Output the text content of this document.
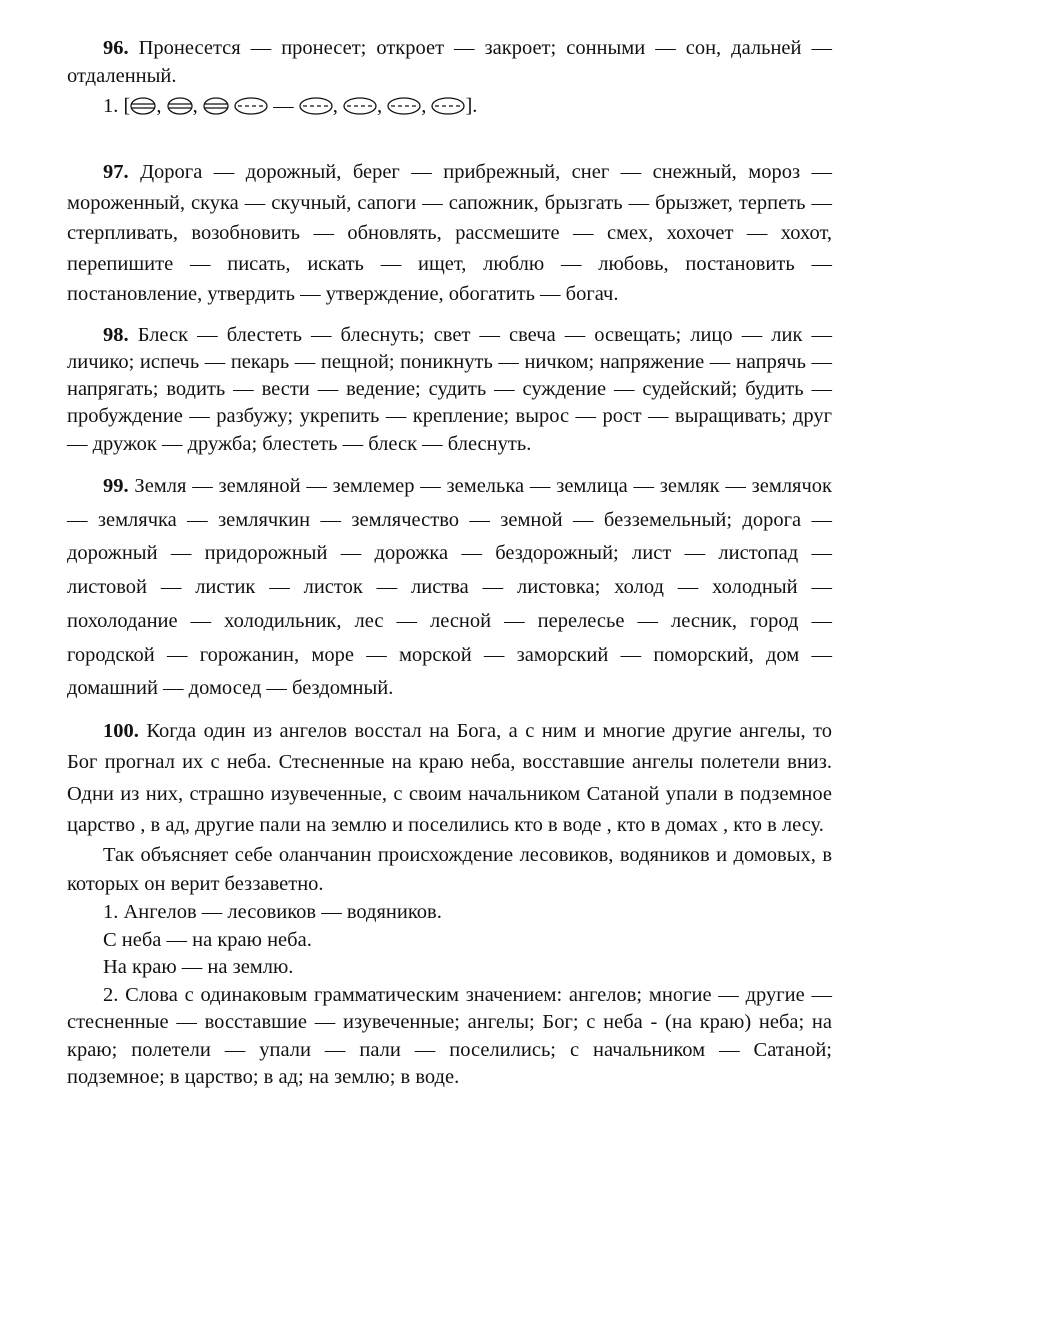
96. Пронесется — пронесет; откроет — закроет; сонными — сон, дальней — отдаленный.

1. [ , ,
	— , , , ].

97. Дорога — дорожный, берег — прибрежный, снег — снежный, мороз — мороженный, скука — скучный, сапоги — сапожник, брызгать — брызжет, терпеть — стерпливать, возобновить — обновлять, рассмешите — смех, хохочет — хохот, перепишите — писать, искать — ищет, люблю — любовь, постановить — постановление, утвердить — утверждение, обогатить — богач.

98. Блеск — блестеть — блеснуть; свет — свеча — освещать; лицо — лик — личико; испечь — пекарь — пещной; поникнуть — ничком; напряжение — напрячь — напрягать; водить — вести — ведение; судить — суждение — судейский; будить — пробуждение — разбужу; укрепить — крепление; вырос — рост — выращивать; друг — дружок — дружба; блестеть — блеск — блеснуть.

99. Земля — земляной — землемер — земелька — землица — земляк — землячок — землячка — землячкин — землячество — земной — безземельный; дорога — дорожный — придорожный — дорожка — бездорожный; лист — листопад — листовой — листик — листок — листва — листовка; холод — холодный — похолодание — холодильник, лес — лесной — перелесье — лесник, город — городской — горожанин, море — морской — заморский — поморский, дом — домашний — домосед — бездомный.

100. Когда один из ангелов восстал на Бога, а с ним и многие другие ангелы, то Бог прогнал их с неба. Стесненные на краю неба, восставшие ангелы полетели вниз. Одни из них, страшно изувеченные, с своим начальником Сатаной упали в подземное царство , в ад, другие пали на землю и поселились кто в воде , кто в домах , кто в лесу.

Так объясняет себе оланчанин происхождение лесовиков, водяников и домовых, в которых он верит беззаветно.

1. Ангелов — лесовиков — водяников.

С неба — на краю неба.

На краю — на землю.

2. Слова с одинаковым грамматическим значением: ангелов; многие — другие — стесненные — восставшие — изувеченные; ангелы; Бог; с неба - (на краю) неба; на краю; полетели — упали — пали — поселились; с начальником — Сатаной; подземное; в царство; в ад; на землю; в воде.
